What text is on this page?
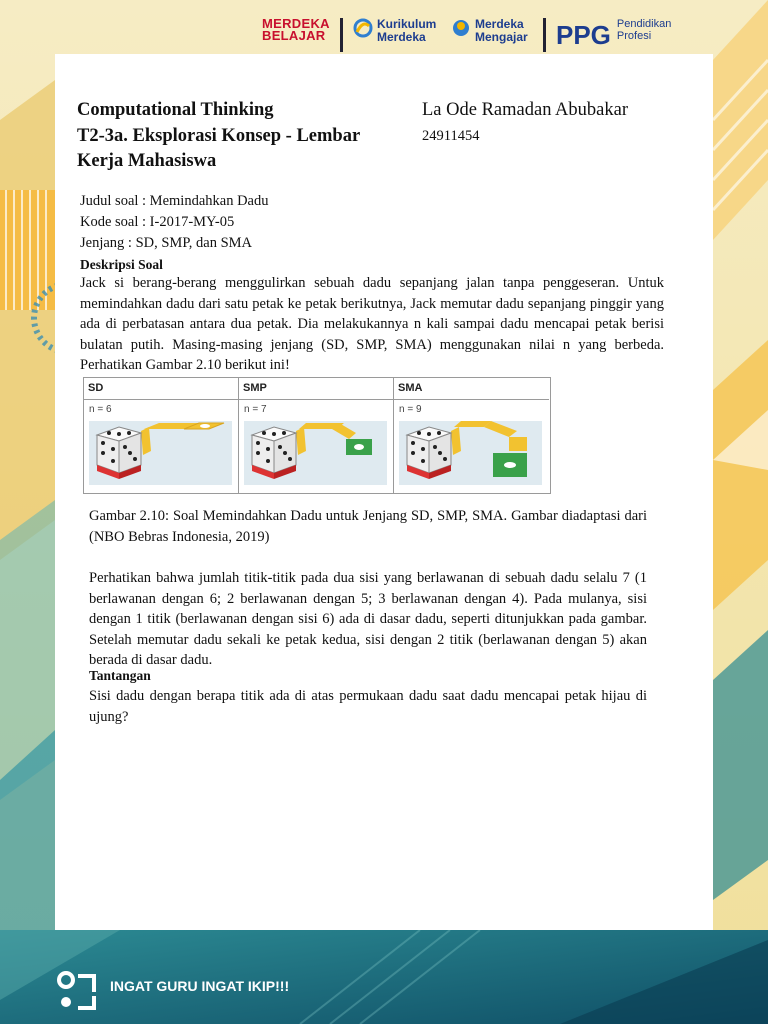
MERDEKA BELAJAR
Kurikulum Merdeka
Merdeka Mengajar PPG Pendidikan Profesi
Computational Thinking
T2-3a. Eksplorasi Konsep - Lembar
Kerja Mahasiswa
La Ode Ramadan Abubakar
24911454
Judul soal : Memindahkan Dadu
Kode soal : I-2017-MY-05
Jenjang : SD, SMP, dan SMA
Deskripsi Soal

Jack si berang-berang menggulirkan sebuah dadu sepanjang jalan tanpa penggeseran. Untuk memindahkan dadu dari satu petak ke petak berikutnya, Jack memutar dadu sepanjang pinggir yang ada di perbatasan antara dua petak. Dia melakukannya n kali sampai dadu mencapai petak berisi bulatan putih. Masing-masing jenjang (SD, SMP, SMA) menggunakan nilai n yang berbeda. Perhatikan Gambar 2.10 berikut ini!

SD
n = 6
SMP
n = 7
SMA
n = 9

Gambar 2.10: Soal Memindahkan Dadu untuk Jenjang SD, SMP, SMA. Gambar diadaptasi dari (NBO Bebras Indonesia, 2019)

Perhatikan bahwa jumlah titik-titik pada dua sisi yang berlawanan di sebuah dadu selalu 7 (1 berlawanan dengan 6; 2 berlawanan dengan 5; 3 berlawanan dengan 4). Pada mulanya, sisi dengan 1 titik (berlawanan dengan sisi 6) ada di dasar dadu, seperti ditunjukkan pada gambar. Setelah memutar dadu sekali ke petak kedua, sisi dengan 2 titik (berlawanan dengan 5) akan berada di dasar dadu.

Tantangan

Sisi dadu dengan berapa titik ada di atas permukaan dadu saat dadu mencapai petak hijau di ujung?

INGAT GURU INGAT IKIP!!!
